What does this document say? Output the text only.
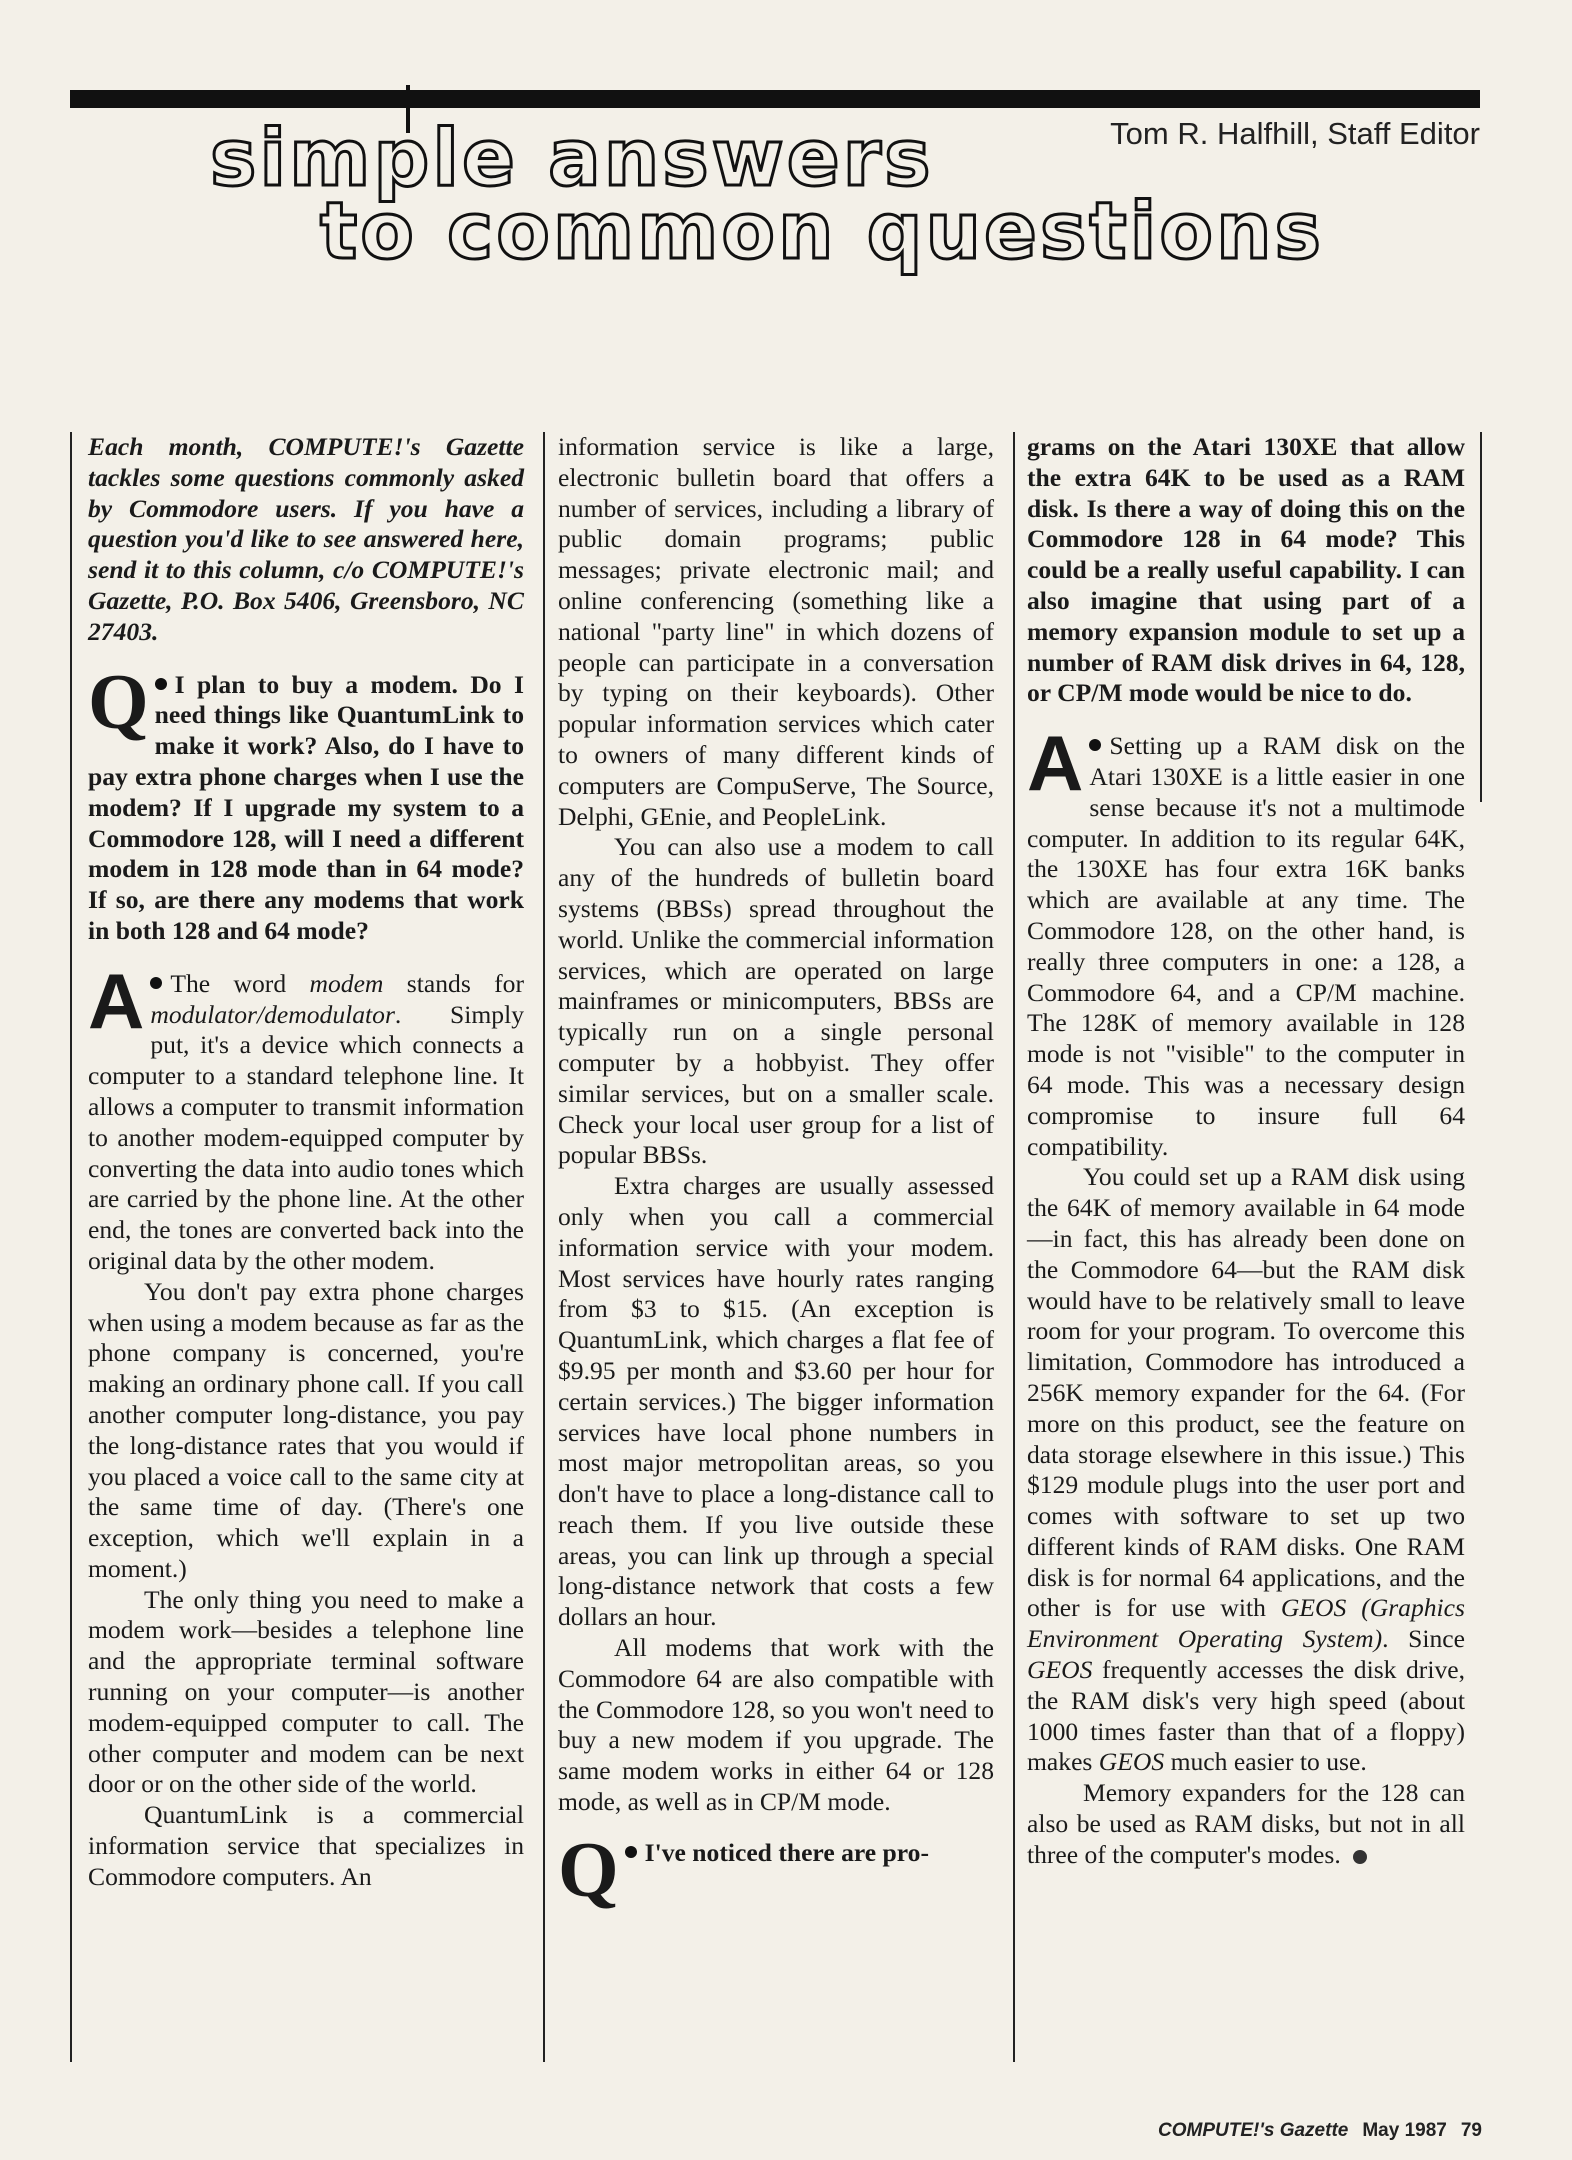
simple answers
to common questions
Tom R. Halfhill, Staff Editor

Each month, COMPUTE!'s Gazette tackles some questions commonly asked by Commodore users. If you have a question you'd like to see answered here, send it to this column, c/o COMPUTE!'s Gazette, P.O. Box 5406, Greensboro, NC 27403.

Q I plan to buy a modem. Do I need things like QuantumLink to make it work? Also, do I have to pay extra phone charges when I use the modem? If I upgrade my system to a Commodore 128, will I need a different modem in 128 mode than in 64 mode? If so, are there any modems that work in both 128 and 64 mode?

A The word modem stands for modulator/demodulator. Simply put, it's a device which connects a computer to a standard telephone line. It allows a computer to transmit information to another modem-equipped computer by converting the data into audio tones which are carried by the phone line. At the other end, the tones are converted back into the original data by the other modem.

You don't pay extra phone charges when using a modem because as far as the phone company is concerned, you're making an ordinary phone call. If you call another computer long-distance, you pay the long-distance rates that you would if you placed a voice call to the same city at the same time of day. (There's one exception, which we'll explain in a moment.)

The only thing you need to make a modem work—besides a telephone line and the appropriate terminal software running on your computer—is another modem-equipped computer to call. The other computer and modem can be next door or on the other side of the world.

QuantumLink is a commercial information service that specializes in Commodore computers. An

information service is like a large, electronic bulletin board that offers a number of services, including a library of public domain programs; public messages; private electronic mail; and online conferencing (something like a national "party line" in which dozens of people can participate in a conversation by typing on their keyboards). Other popular information services which cater to owners of many different kinds of computers are CompuServe, The Source, Delphi, GEnie, and PeopleLink.

You can also use a modem to call any of the hundreds of bulletin board systems (BBSs) spread throughout the world. Unlike the commercial information services, which are operated on large mainframes or minicomputers, BBSs are typically run on a single personal computer by a hobbyist. They offer similar services, but on a smaller scale. Check your local user group for a list of popular BBSs.

Extra charges are usually assessed only when you call a commercial information service with your modem. Most services have hourly rates ranging from $3 to $15. (An exception is QuantumLink, which charges a flat fee of $9.95 per month and $3.60 per hour for certain services.) The bigger information services have local phone numbers in most major metropolitan areas, so you don't have to place a long-distance call to reach them. If you live outside these areas, you can link up through a special long-distance network that costs a few dollars an hour.

All modems that work with the Commodore 64 are also compatible with the Commodore 128, so you won't need to buy a new modem if you upgrade. The same modem works in either 64 or 128 mode, as well as in CP/M mode.

Q I've noticed there are pro-

grams on the Atari 130XE that allow the extra 64K to be used as a RAM disk. Is there a way of doing this on the Commodore 128 in 64 mode? This could be a really useful capability. I can also imagine that using part of a memory expansion module to set up a number of RAM disk drives in 64, 128, or CP/M mode would be nice to do.

A Setting up a RAM disk on the Atari 130XE is a little easier in one sense because it's not a multimode computer. In addition to its regular 64K, the 130XE has four extra 16K banks which are available at any time. The Commodore 128, on the other hand, is really three computers in one: a 128, a Commodore 64, and a CP/M machine. The 128K of memory available in 128 mode is not "visible" to the computer in 64 mode. This was a necessary design compromise to insure full 64 compatibility.

You could set up a RAM disk using the 64K of memory available in 64 mode—in fact, this has already been done on the Commodore 64—but the RAM disk would have to be relatively small to leave room for your program. To overcome this limitation, Commodore has introduced a 256K memory expander for the 64. (For more on this product, see the feature on data storage elsewhere in this issue.) This $129 module plugs into the user port and comes with software to set up two different kinds of RAM disks. One RAM disk is for normal 64 applications, and the other is for use with GEOS (Graphics Environment Operating System). Since GEOS frequently accesses the disk drive, the RAM disk's very high speed (about 1000 times faster than that of a floppy) makes GEOS much easier to use.

Memory expanders for the 128 can also be used as RAM disks, but not in all three of the computer's modes.

COMPUTE!'s Gazette May 1987 79
